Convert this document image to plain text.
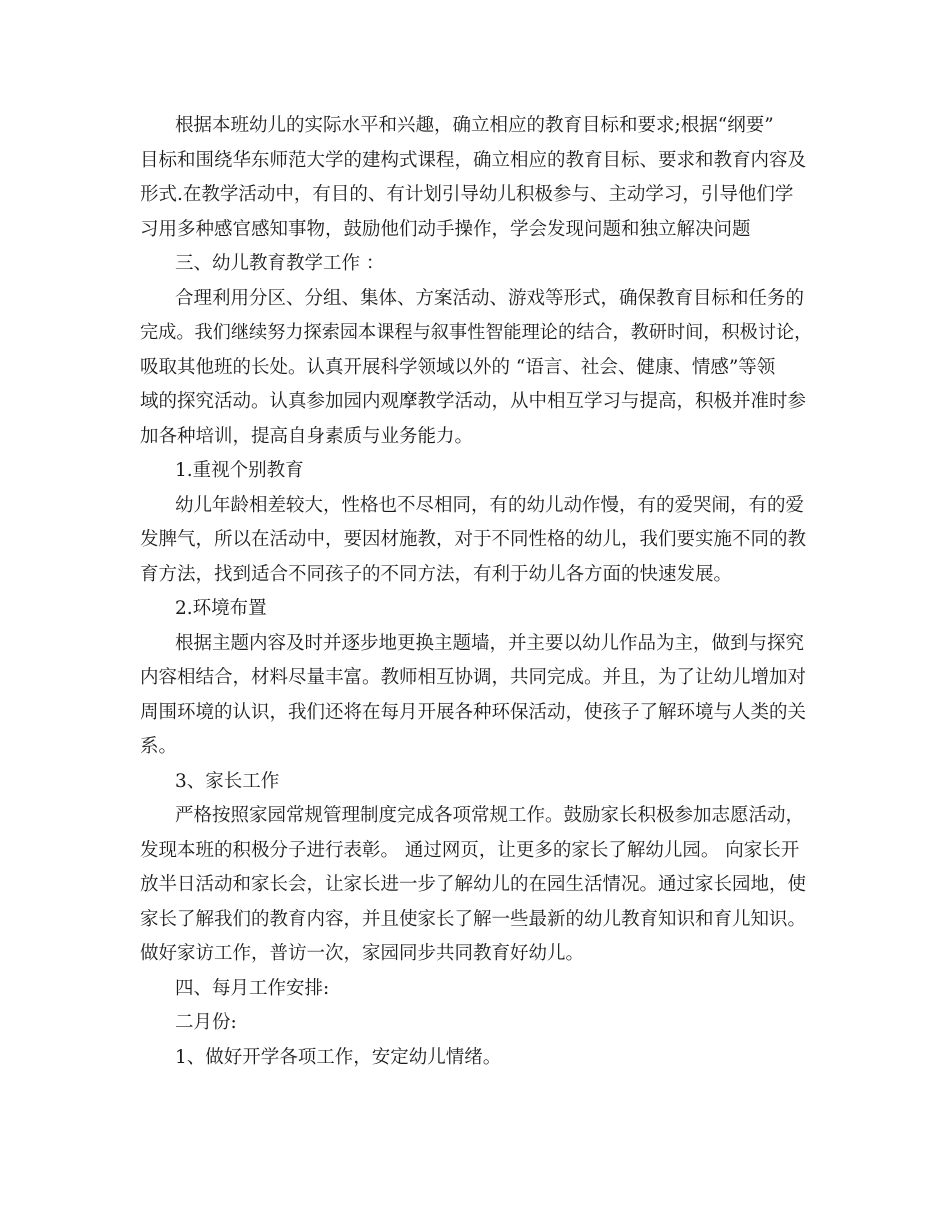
根据本班幼儿的实际水平和兴趣，确立相应的教育目标和要求;根据“纲要”

目标和围绕华东师范大学的建构式课程，确立相应的教育目标、要求和教育内容及

形式.在教学活动中，有目的、有计划引导幼儿积极参与、主动学习，引导他们学

习用多种感官感知事物，鼓励他们动手操作，学会发现问题和独立解决问题

三、幼儿教育教学工作 ：

合理利用分区、分组、集体、方案活动、游戏等形式，确保教育目标和任务的

完成。我们继续努力探索园本课程与叙事性智能理论的结合，教研时间，积极讨论，

吸取其他班的长处。认真开展科学领域以外的 “语言、社会、健康、情感”等领

域的探究活动。认真参加园内观摩教学活动，从中相互学习与提高，积极并准时参

加各种培训，提高自身素质与业务能力。

1.重视个别教育

幼儿年龄相差较大，性格也不尽相同，有的幼儿动作慢，有的爱哭闹，有的爱

发脾气，所以在活动中，要因材施教，对于不同性格的幼儿，我们要实施不同的教

育方法，找到适合不同孩子的不同方法，有利于幼儿各方面的快速发展。

2.环境布置

根据主题内容及时并逐步地更换主题墙，并主要以幼儿作品为主，做到与探究

内容相结合，材料尽量丰富。教师相互协调，共同完成。并且，为了让幼儿增加对

周围环境的认识，我们还将在每月开展各种环保活动，使孩子了解环境与人类的关

系。

3、家长工作

严格按照家园常规管理制度完成各项常规工作。鼓励家长积极参加志愿活动，

发现本班的积极分子进行表彰。 通过网页，让更多的家长了解幼儿园。 向家长开

放半日活动和家长会，让家长进一步了解幼儿的在园生活情况。通过家长园地，使

家长了解我们的教育内容，并且使家长了解一些最新的幼儿教育知识和育儿知识。

做好家访工作，普访一次，家园同步共同教育好幼儿。

四、每月工作安排:

二月份:

1、做好开学各项工作，安定幼儿情绪。
